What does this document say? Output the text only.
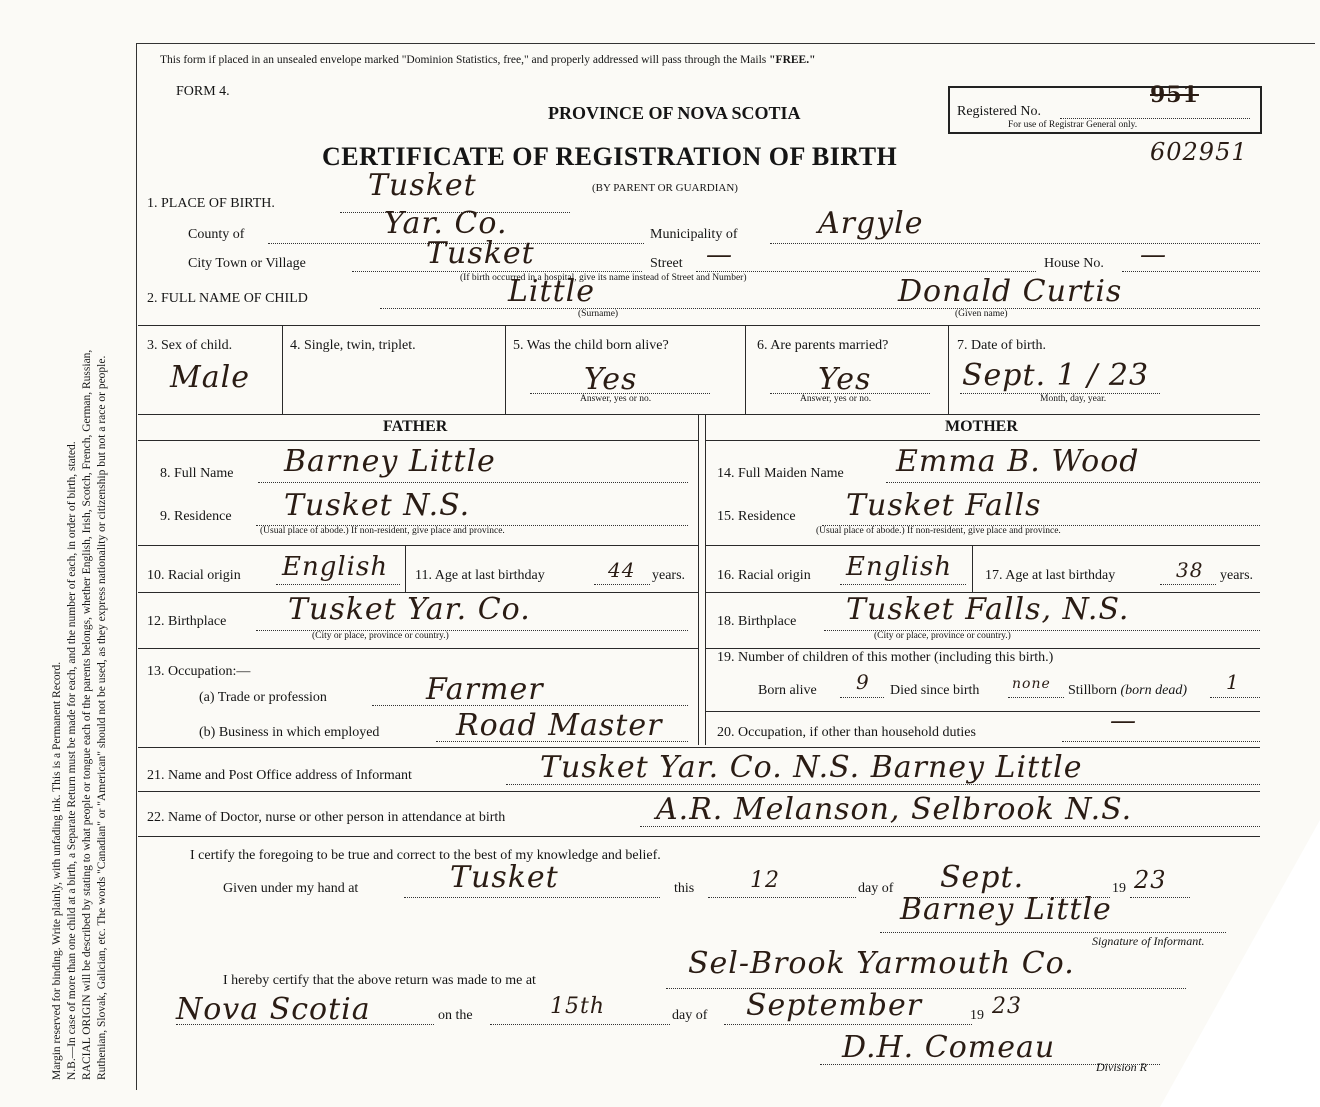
Margin reserved for binding. Write plainly, with unfading ink. This is a Permanent Record. N.B.—In case of more than one child at a birth, a Separate Return must be made for each, and the number of each, in order of birth, stated. RACIAL ORIGIN will be described by stating to what people or tongue each of the parents belongs, whether English, Irish, Scotch, French, German, Russian, Ruthenian, Slovak, Galician, etc. The words "Canadian" or "American" should not be used, as they express nationality or citizenship but not a race or people.
This form if placed in an unsealed envelope marked "Dominion Statistics, free," and properly addressed will pass through the Mails "FREE."
FORM 4.
PROVINCE OF NOVA SCOTIA
CERTIFICATE OF REGISTRATION OF BIRTH
(BY PARENT OR GUARDIAN)
Registered No.
951
For use of Registrar General only.
602951
1. PLACE OF BIRTH.
Tusket
County of	Yar. Co.	Municipality of	Argyle
City Town or Village	Tusket	Street —	House No. —
(If birth occurred in a hospital, give its name instead of Street and Number)
2. FULL NAME OF CHILD	Little
(Surname)
Donald Curtis
(Given name)
3. Sex of child.
Male
4. Single, twin, triplet.	5. Was the child born alive?
Yes
Answer, yes or no.
6. Are parents married?
Yes
Answer, yes or no.
7. Date of birth.
Sept. 1 / 23
Month, day, year.
FATHER	MOTHER
8. Full Name Barney Little
9. Residence Tusket N.S.
(Usual place of abode.) If non-resident, give place and province.
10. Racial origin English 11. Age at last birthday	44 years.
12. Birthplace Tusket Yar. Co.
(City or place, province or country.)
13. Occupation:—
(a) Trade or profession	Farmer
(b) Business in which employed	Road Master
14. Full Maiden Name Emma B. Wood
15. Residence Tusket Falls
(Usual place of abode.) If non-resident, give place and province.
16. Racial origin English 17. Age at last birthday	38 years.
18. Birthplace Tusket Falls, N.S.
(City or place, province or country.)
19. Number of children of this mother (including this birth.)
Born alive 9 Died since birth none Stillborn (born dead) 1
20. Occupation, if other than household duties	—
21. Name and Post Office address of Informant	Tusket Yar. Co. N.S. Barney Little
22. Name of Doctor, nurse or other person in attendance at birth	A.R. Melanson, Selbrook N.S.
I certify the foregoing to be true and correct to the best of my knowledge and belief.
Given under my hand at	Tusket	this	12	day of Sept.	19 23
Barney Little
Signature of Informant.
I hereby certify that the above return was made to me at	Sel-Brook Yarmouth Co.
Nova Scotia	on the	15th	day of September	19 23
D.H. Comeau
Division R
